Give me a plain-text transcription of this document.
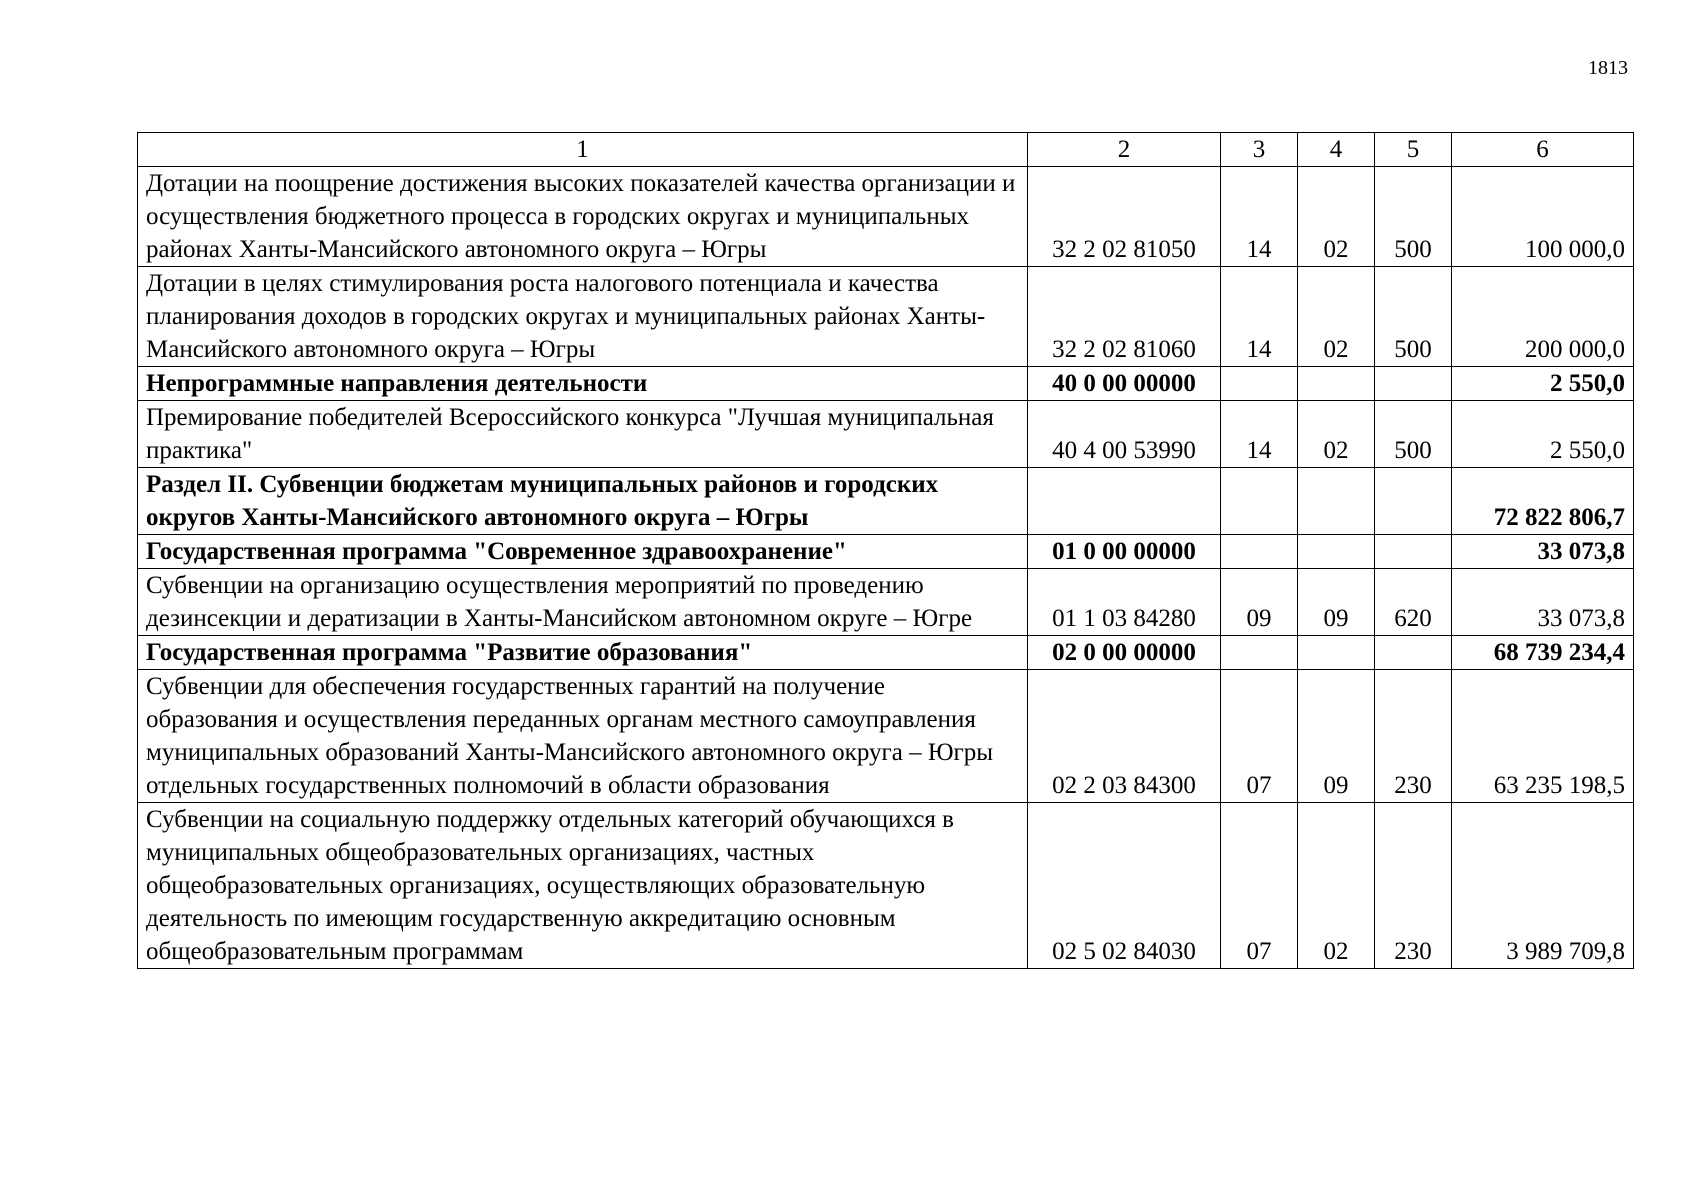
1813
1	2	3	4	5	6
Дотации на поощрение достижения высоких показателей качества организации и осуществления бюджетного процесса в городских округах и муниципальных районах Ханты-Мансийского автономного округа – Югры	32 2 02 81050	14	02	500	100 000,0
Дотации в целях стимулирования роста налогового потенциала и качества планирования доходов в городских округах и муниципальных районах Ханты-Мансийского автономного округа – Югры	32 2 02 81060	14	02	500	200 000,0
Непрограммные направления деятельности	40 0 00 00000				2 550,0
Премирование победителей Всероссийского конкурса "Лучшая муниципальная практика"	40 4 00 53990	14	02	500	2 550,0
Раздел II. Субвенции бюджетам муниципальных районов и городских округов Ханты-Мансийского автономного округа – Югры					72 822 806,7
Государственная программа "Современное здравоохранение"	01 0 00 00000				33 073,8
Субвенции на организацию осуществления мероприятий по проведению дезинсекции и дератизации в Ханты-Мансийском автономном округе – Югре	01 1 03 84280	09	09	620	33 073,8
Государственная программа "Развитие образования"	02 0 00 00000				68 739 234,4
Субвенции для обеспечения государственных гарантий на получение образования и осуществления переданных органам местного самоуправления муниципальных образований Ханты-Мансийского автономного округа – Югры отдельных государственных полномочий в области образования	02 2 03 84300	07	09	230	63 235 198,5
Субвенции на социальную поддержку отдельных категорий обучающихся в муниципальных общеобразовательных организациях, частных общеобразовательных организациях, осуществляющих образовательную деятельность по имеющим государственную аккредитацию основным общеобразовательным программам	02 5 02 84030	07	02	230	3 989 709,8
